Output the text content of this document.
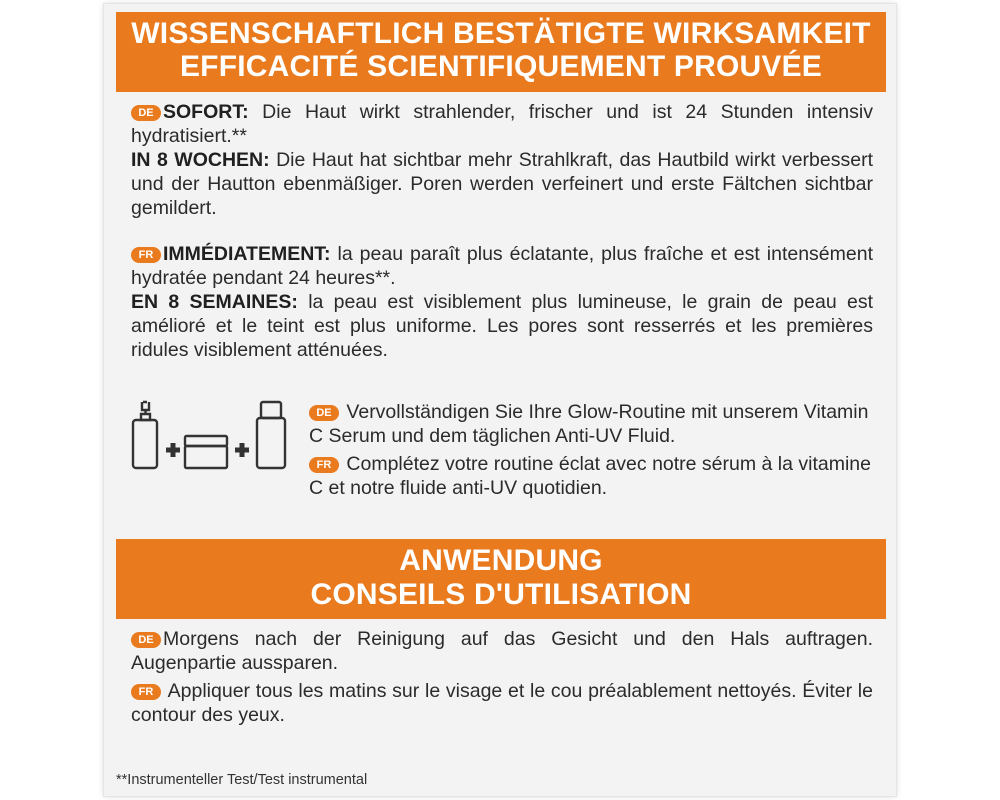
WISSENSCHAFTLICH BESTÄTIGTE WIRKSAMKEIT
EFFICACITÉ SCIENTIFIQUEMENT PROUVÉE

DE SOFORT: Die Haut wirkt strahlender, frischer und ist 24 Stunden intensiv hydratisiert.**

IN 8 WOCHEN: Die Haut hat sichtbar mehr Strahlkraft, das Hautbild wirkt verbessert und der Hautton ebenmäßiger. Poren werden verfeinert und erste Fältchen sichtbar gemildert.

FR IMMÉDIATEMENT: la peau paraît plus éclatante, plus fraîche et est intensément hydratée pendant 24 heures**.

EN 8 SEMAINES: la peau est visiblement plus lumineuse, le grain de peau est amélioré et le teint est plus uniforme. Les pores sont resserrés et les premières ridules visiblement atténuées.

DE Vervollständigen Sie Ihre Glow-Routine mit unserem Vitamin C Serum und dem täglichen Anti-UV Fluid.

FR Complétez votre routine éclat avec notre sérum à la vitamine C et notre fluide anti-UV quotidien.

ANWENDUNG
CONSEILS D'UTILISATION

DE Morgens nach der Reinigung auf das Gesicht und den Hals auftragen. Augenpartie aussparen.

FR Appliquer tous les matins sur le visage et le cou préalablement nettoyés. Éviter le contour des yeux.

**Instrumenteller Test/Test instrumental
